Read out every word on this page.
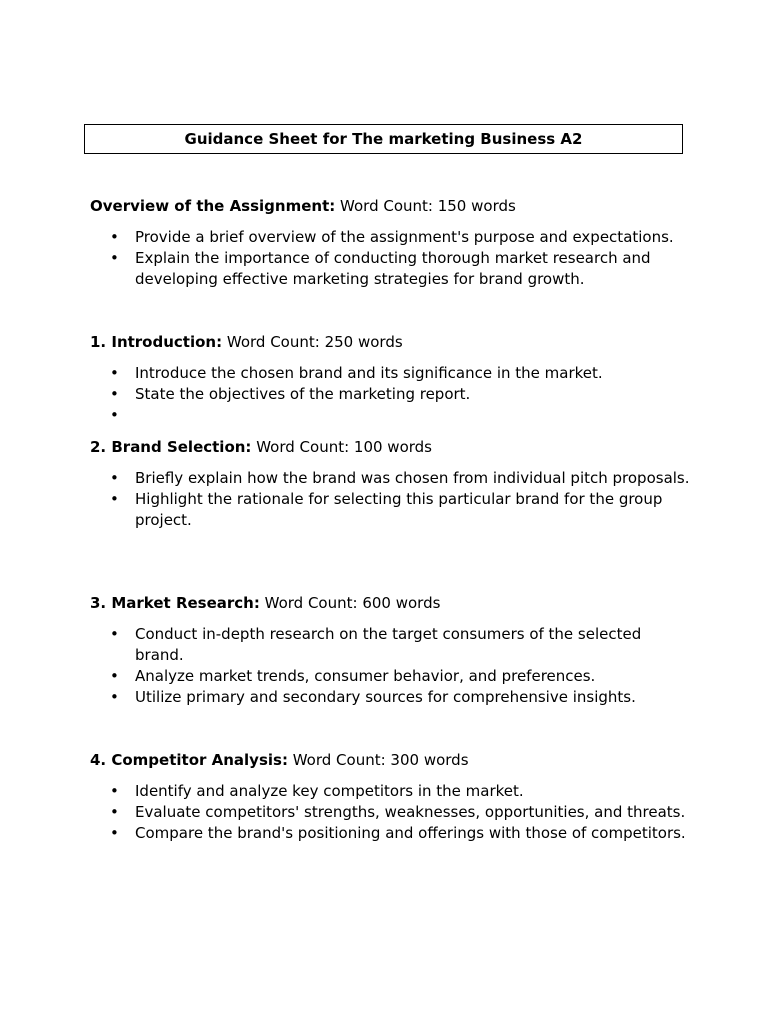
Guidance Sheet for The marketing Business A2

Overview of the Assignment: Word Count: 150 words

• Provide a brief overview of the assignment's purpose and expectations.
• Explain the importance of conducting thorough market research and developing effective marketing strategies for brand growth.

1. Introduction: Word Count: 250 words

• Introduce the chosen brand and its significance in the market.
• State the objectives of the marketing report.
•

2. Brand Selection: Word Count: 100 words

• Briefly explain how the brand was chosen from individual pitch proposals.
• Highlight the rationale for selecting this particular brand for the group project.

3. Market Research: Word Count: 600 words

• Conduct in-depth research on the target consumers of the selected brand.
• Analyze market trends, consumer behavior, and preferences.
• Utilize primary and secondary sources for comprehensive insights.

4. Competitor Analysis: Word Count: 300 words

• Identify and analyze key competitors in the market.
• Evaluate competitors' strengths, weaknesses, opportunities, and threats.
• Compare the brand's positioning and offerings with those of competitors.
